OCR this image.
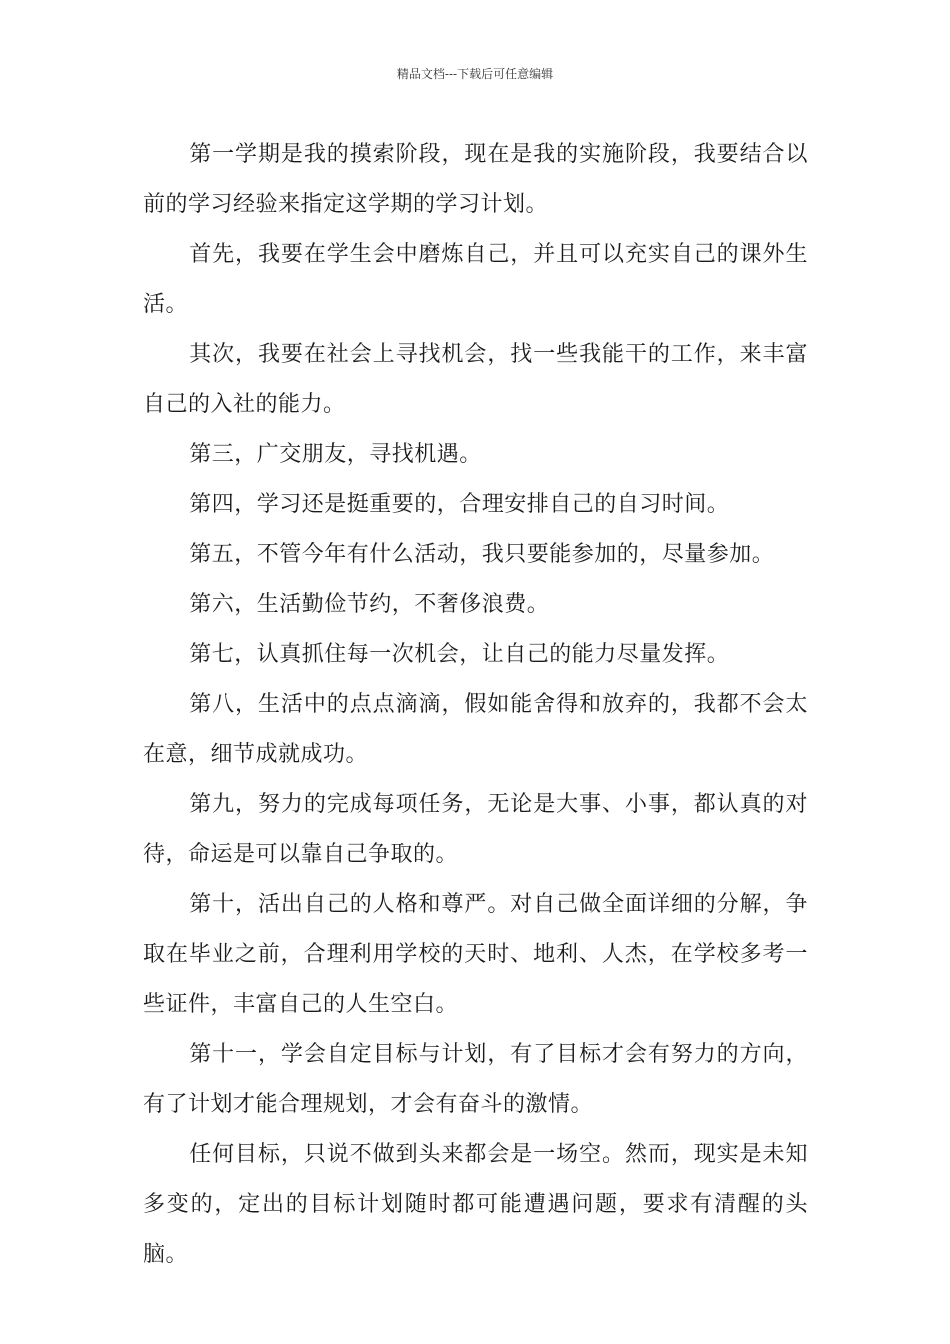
精品文档---下载后可任意编辑

第一学期是我的摸索阶段，现在是我的实施阶段，我要结合以前的学习经验来指定这学期的学习计划。

首先，我要在学生会中磨炼自己，并且可以充实自己的课外生活。

其次，我要在社会上寻找机会，找一些我能干的工作，来丰富自己的入社的能力。

第三，广交朋友，寻找机遇。

第四，学习还是挺重要的，合理安排自己的自习时间。

第五，不管今年有什么活动，我只要能参加的，尽量参加。

第六，生活勤俭节约，不奢侈浪费。

第七，认真抓住每一次机会，让自己的能力尽量发挥。

第八，生活中的点点滴滴，假如能舍得和放弃的，我都不会太在意，细节成就成功。

第九，努力的完成每项任务，无论是大事、小事，都认真的对待，命运是可以靠自己争取的。

第十，活出自己的人格和尊严。对自己做全面详细的分解，争取在毕业之前，合理利用学校的天时、地利、人杰，在学校多考一些证件，丰富自己的人生空白。

第十一，学会自定目标与计划，有了目标才会有努力的方向，有了计划才能合理规划，才会有奋斗的激情。

任何目标，只说不做到头来都会是一场空。然而，现实是未知多变的，定出的目标计划随时都可能遭遇问题，要求有清醒的头脑。
